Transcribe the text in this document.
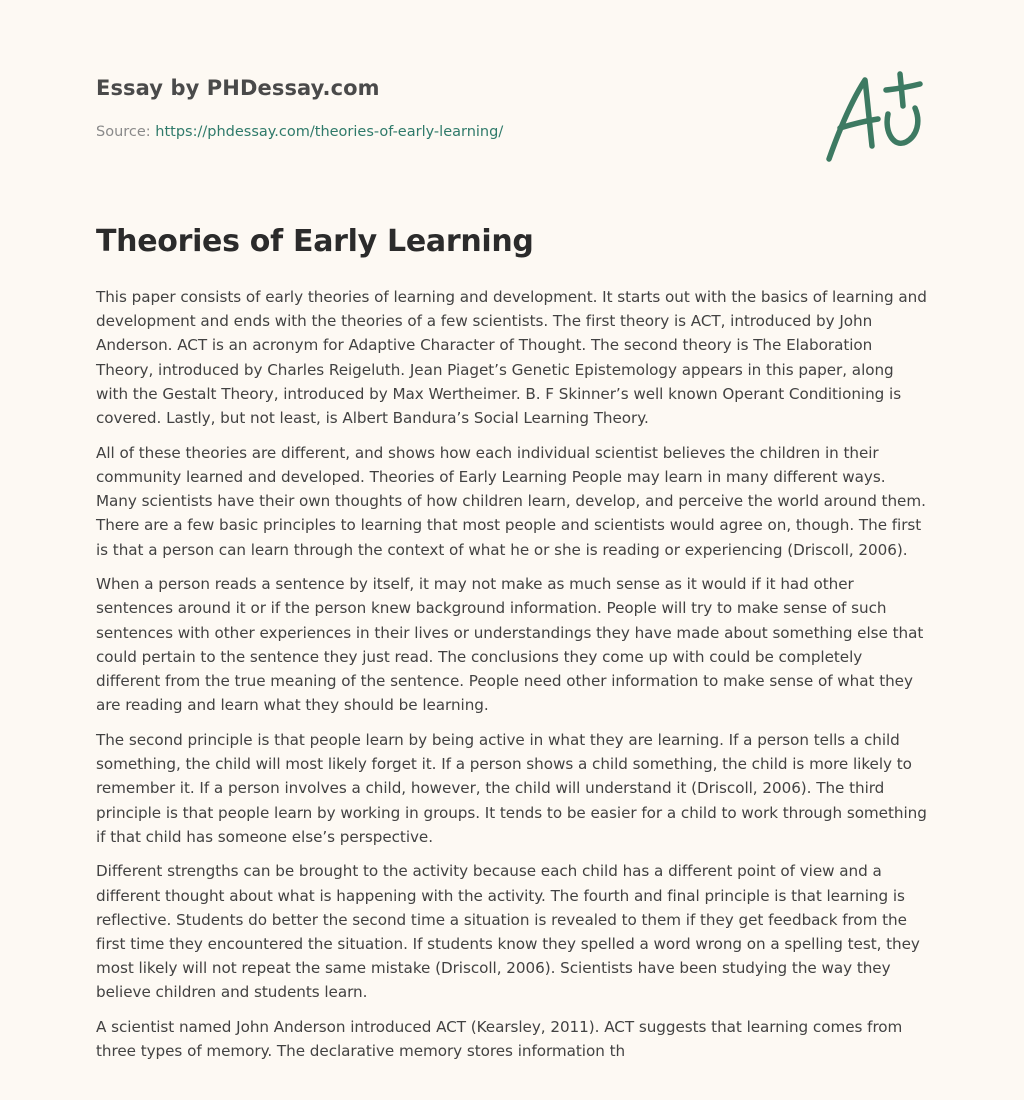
Essay by PHDessay.com
Source: https://phdessay.com/theories-of-early-learning/
Theories of Early Learning

This paper consists of early theories of learning and development. It starts out with the basics of learning and development and ends with the theories of a few scientists. The first theory is ACT, introduced by John Anderson. ACT is an acronym for Adaptive Character of Thought. The second theory is The Elaboration Theory, introduced by Charles Reigeluth. Jean Piaget’s Genetic Epistemology appears in this paper, along with the Gestalt Theory, introduced by Max Wertheimer. B. F Skinner’s well known Operant Conditioning is covered. Lastly, but not least, is Albert Bandura’s Social Learning Theory.

All of these theories are different, and shows how each individual scientist believes the children in their community learned and developed. Theories of Early Learning People may learn in many different ways. Many scientists have their own thoughts of how children learn, develop, and perceive the world around them. There are a few basic principles to learning that most people and scientists would agree on, though. The first is that a person can learn through the context of what he or she is reading or experiencing (Driscoll, 2006).

When a person reads a sentence by itself, it may not make as much sense as it would if it had other sentences around it or if the person knew background information. People will try to make sense of such sentences with other experiences in their lives or understandings they have made about something else that could pertain to the sentence they just read. The conclusions they come up with could be completely different from the true meaning of the sentence. People need other information to make sense of what they are reading and learn what they should be learning.

The second principle is that people learn by being active in what they are learning. If a person tells a child something, the child will most likely forget it. If a person shows a child something, the child is more likely to remember it. If a person involves a child, however, the child will understand it (Driscoll, 2006). The third principle is that people learn by working in groups. It tends to be easier for a child to work through something if that child has someone else’s perspective.

Different strengths can be brought to the activity because each child has a different point of view and a different thought about what is happening with the activity. The fourth and final principle is that learning is reflective. Students do better the second time a situation is revealed to them if they get feedback from the first time they encountered the situation. If students know they spelled a word wrong on a spelling test, they most likely will not repeat the same mistake (Driscoll, 2006). Scientists have been studying the way they believe children and students learn.

A scientist named John Anderson introduced ACT (Kearsley, 2011). ACT suggests that learning comes from three types of memory. The declarative memory stores information th
